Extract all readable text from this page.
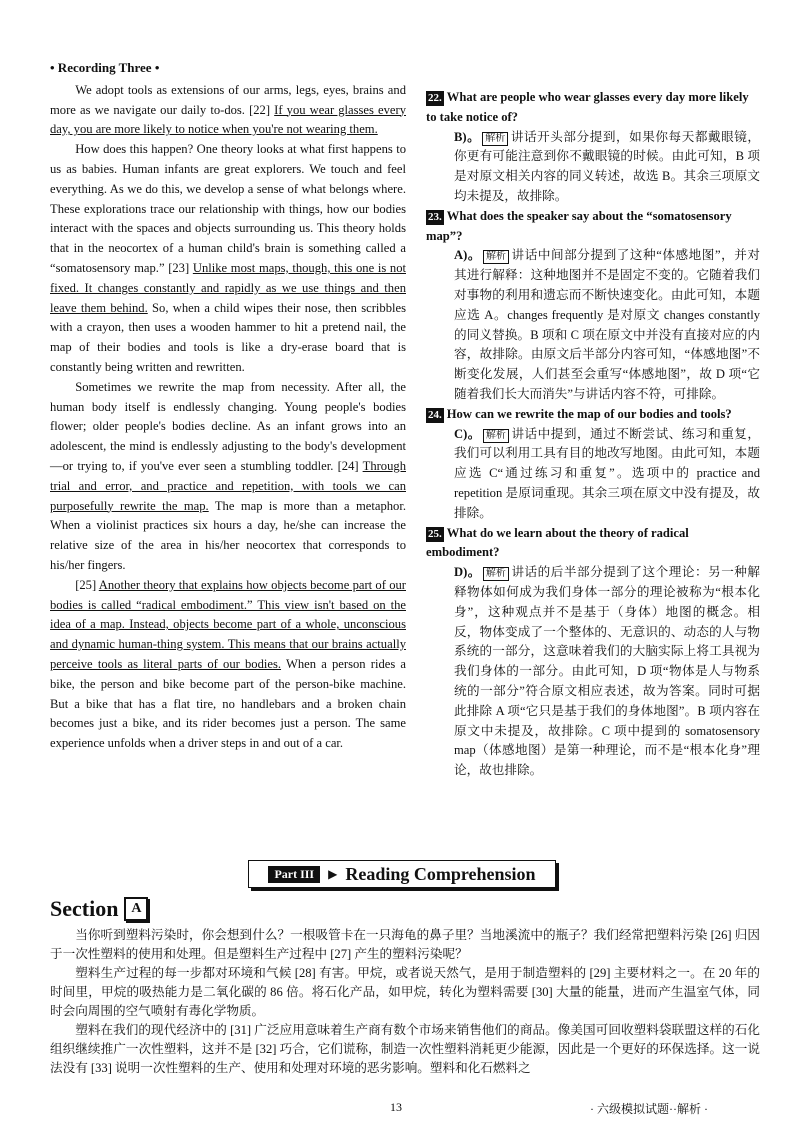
• Recording Three •

We adopt tools as extensions of our arms, legs, eyes, brains and more as we navigate our daily to-dos. [22] If you wear glasses every day, you are more likely to notice when you're not wearing them.

How does this happen? One theory looks at what first happens to us as babies. Human infants are great explorers. We touch and feel everything. As we do this, we develop a sense of what belongs where. These explorations trace our relationship with things, how our bodies interact with the spaces and objects surrounding us. This theory holds that in the neocortex of a human child's brain is something called a “somatosensory map.” [23] Unlike most maps, though, this one is not fixed. It changes constantly and rapidly as we use things and then leave them behind. So, when a child wipes their nose, then scribbles with a crayon, then uses a wooden hammer to hit a pretend nail, the map of their bodies and tools is like a dry-erase board that is constantly being written and rewritten.

Sometimes we rewrite the map from necessity. After all, the human body itself is endlessly changing. Young people's bodies flower; older people's bodies decline. As an infant grows into an adolescent, the mind is endlessly adjusting to the body's development—or trying to, if you've ever seen a stumbling toddler. [24] Through trial and error, and practice and repetition, with tools we can purposefully rewrite the map. The map is more than a metaphor. When a violinist practices six hours a day, he/she can increase the relative size of the area in his/her neocortex that corresponds to his/her fingers.

[25] Another theory that explains how objects become part of our bodies is called “radical embodiment.” This view isn't based on the idea of a map. Instead, objects become part of a whole, unconscious and dynamic human-thing system. This means that our brains actually perceive tools as literal parts of our bodies. When a person rides a bike, the person and bike become part of the person-bike machine. But a bike that has a flat tire, no handlebars and a broken chain becomes just a bike, and its rider becomes just a person. The same experience unfolds when a driver steps in and out of a car.

22. What are people who wear glasses every day more likely to take notice of?
B)。 解析 讲话开头部分提到，如果你每天都戴眼镜，你更有可能注意到你不戴眼镜的时候。由此可知，B 项是对原文相关内容的同义转述，故选 B。其余三项原文均未提及，故排除。
23. What does the speaker say about the “somatosensory map”?
A)。 解析 讲话中间部分提到了这种“体感地图”，并对其进行解释：这种地图并不是固定不变的。它随着我们对事物的利用和遗忘而不断快速变化。由此可知，本题应选 A。changes frequently 是对原文 changes constantly 的同义替换。B 项和 C 项在原文中并没有直接对应的内容，故排除。由原文后半部分内容可知，“体感地图”不断变化发展，人们甚至会重写“体感地图”，故 D 项“它随着我们长大而消失”与讲话内容不符，可排除。
24. How can we rewrite the map of our bodies and tools?
C)。 解析 讲话中提到，通过不断尝试、练习和重复，我们可以利用工具有目的地改写地图。由此可知，本题应选 C“通过练习和重复”。选项中的 practice and repetition 是原词重现。其余三项在原文中没有提及，故排除。
25. What do we learn about the theory of radical embodiment?
D)。 解析 讲话的后半部分提到了这个理论：另一种解释物体如何成为我们身体一部分的理论被称为“根本化身”，这种观点并不是基于（身体）地图的概念。相反，物体变成了一个整体的、无意识的、动态的人与物系统的一部分，这意味着我们的大脑实际上将工具视为我们身体的一部分。由此可知，D 项“物体是人与物系统的一部分”符合原文相应表述，故为答案。同时可据此排除 A 项“它只是基于我们的身体地图”。B 项内容在原文中未提及，故排除。C 项中提到的 somatosensory map（体感地图）是第一种理论，而不是“根本化身”理论，故也排除。
Part III	▶ Reading Comprehension
Section A

当你听到塑料污染时，你会想到什么？一根吸管卡在一只海龟的鼻子里？当地溪流中的瓶子？我们经常把塑料污染 [26] 归因于一次性塑料的使用和处理。但是塑料生产过程中 [27] 产生的塑料污染呢？

塑料生产过程的每一步都对环境和气候 [28] 有害。甲烷，或者说天然气，是用于制造塑料的 [29] 主要材料之一。在 20 年的时间里，甲烷的吸热能力是二氧化碳的 86 倍。将石化产品，如甲烷，转化为塑料需要 [30] 大量的能量，进而产生温室气体，同时会向周围的空气喷射有毒化学物质。

塑料在我们的现代经济中的 [31] 广泛应用意味着生产商有数个市场来销售他们的商品。像美国可回收塑料袋联盟这样的石化组织继续推广一次性塑料，这并不是 [32] 巧合，它们谎称，制造一次性塑料消耗更少能源，因此是一个更好的环保选择。这一说法没有 [33] 说明一次性塑料的生产、使用和处理对环境的恶劣影响。塑料和化石燃料之

13	· 六级模拟试题··解析 ·
